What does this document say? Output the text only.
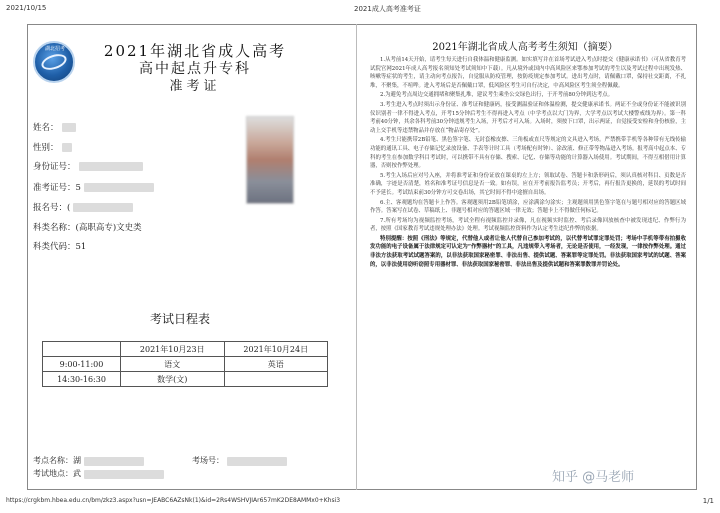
2021/10/15	2021成人高考准考证
湖北招考	2021年湖北省成人高考
高中起点升专科
准考证
姓名：
性别：
身份证号：
准考证号：5
报名号：(
科类名称：(高职高专)文史类
科类代码：51
考试日程表
	2021年10月23日	2021年10月24日
9:00-11:00	语文	英语
14:30-16:30	数学(文)	
考点名称：湖	考场号：
考试地点：武
2021年湖北省成人高考考生须知（摘要）

1.从考前14天开始，请考生每天进行自我体温和健康监测。如实填写并在首场考试进入考点时提交《健康承诺书》（可从省教育考试院官网2021年成人高考报名须知处考试须知中下载）。凡从境外或国内中高风险区来鄂参加考试的考生以及考试过程中出现发热、咳嗽等症状的考生，请主动向考点报告，自觉服从防疫管理，按防疫规定参加考试。进出考点时，请佩戴口罩，保持社交距离，不扎堆，不聚集，不喧哗。进入考场后是否佩戴口罩，低风险区考生可自行决定，中高风险区考生须全程佩戴。

2.为避免考点周边交通拥堵和聚集扎堆，建议考生乘坐公交绿色出行，于开考前80分钟到达考点。

3.考生进入考点时须出示身份证、准考证和健康码，接受测温验证和体温检测，提交健康承诺书。两证不全或身份证不能被识别仪识别者一律不得进入考点，开考15分钟后考生不得再进入考点（中学考点以大门为界，大学考点以考试大楼警戒线为界）。第一科考前40分钟，其余各科考前30分钟违规考生入场，开考后才可入场。入场时，须按下口罩，出示两证，自觉接受安检和身份核验，主动上交手机等违禁物品并存放在“物品寄存处”。

4.考生只能携带2B铅笔、黑色签字笔、无封套橡皮擦、三角板或直尺等规定的文具进入考场。严禁携带手机等各种带有无线传输功能的通讯工具、电子存储记忆录放设备、手表等计时工具（考场配有时钟）、涂改液、修正带等物品进入考场。报考高中起点本、专科的考生在参加数学科目考试时，可以携带不具有存储、搜索、记忆、存储等功能的计算器入场使用。考试期间，不得互相借用计算器，否则按作弊处理。

5.考生入场后应对号入座，并将准考证和身份证放在课桌的左上方；领取试卷、答题卡和条形码后，须认真核对科目、页数是否准确，字迹是否清楚，姓名和准考证号信息是否一致。如有误，应在开考前报告监考员；开考后，再行报告更换的，延误的考试时间不予延长。考试结束前30分钟方可交卷出场，其它时间不得中途擅自出场。

6.主、客观题均在答题卡上作答。客观题须用2B铅笔填涂，应涂满涂匀涂实；主观题须用黑色签字笔在与题号相对应的答题区域作答。答案写在试卷、草稿纸上、非题号相对应的答题区域一律无效；答题卡上不得做任何标记。

7.所有考场均为视频监控考场，考试全程有视频监控并录像，凡在视频实时监控、考后录像回放核查中被发现违纪、作弊行为者，按照《国家教育考试违规处理办法》处理。考试视频监控资料作为认定考生违纪作弊的依据。

特别提醒：按照《刑法》等规定，代替他人或者让他人代替自己参加考试的，以代替考试罪定罪处罚；考场中手机等带有拍摄收发功能的电子设备属于法律规定可认定为“作弊器材”的工具，凡违规带入考场者，无论是否使用，一经发现，一律按作弊处理。通过非法方法获取考试试题答案的，以非法获取国家秘密罪、非法出售、提供试题、答案罪等定罪处罚。非法获取国家考试的试题、答案的，以非法使用窃听窃照专用器材罪、非法获取国家秘密罪、非法出售及提供试题和答案罪数罪并罚论处。

知乎 @马老师
https://crgkbm.hbea.edu.cn/bm/zkz3.aspx?usn=JEABC6AZsNk(1)&id=2Rs4WSHVJIAr657mK2DE8AMMx0+Khsi3	1/1
